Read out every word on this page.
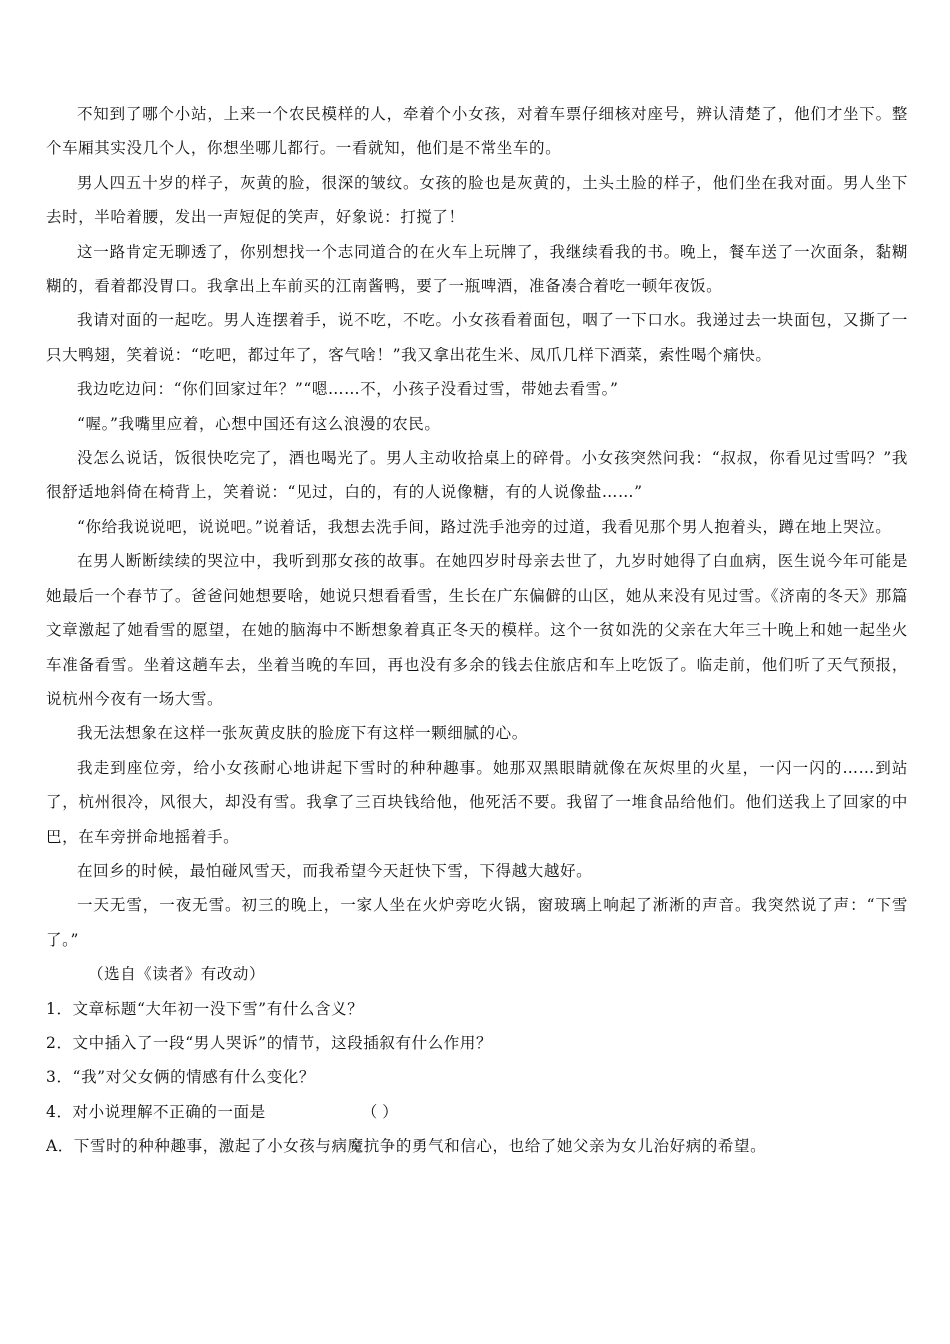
不知到了哪个小站，上来一个农民模样的人，牵着个小女孩，对着车票仔细核对座号，辨认清楚了，他们才坐下。整个车厢其实没几个人，你想坐哪儿都行。一看就知，他们是不常坐车的。

男人四五十岁的样子，灰黄的脸，很深的皱纹。女孩的脸也是灰黄的，土头土脸的样子，他们坐在我对面。男人坐下去时，半哈着腰，发出一声短促的笑声，好象说：打搅了！

这一路肯定无聊透了，你别想找一个志同道合的在火车上玩牌了，我继续看我的书。晚上，餐车送了一次面条，黏糊糊的，看着都没胃口。我拿出上车前买的江南酱鸭，要了一瓶啤酒，准备凑合着吃一顿年夜饭。

我请对面的一起吃。男人连摆着手，说不吃，不吃。小女孩看着面包，咽了一下口水。我递过去一块面包，又撕了一只大鸭翅，笑着说：“吃吧，都过年了，客气啥！”我又拿出花生米、凤爪几样下酒菜，索性喝个痛快。

我边吃边问：“你们回家过年？”“嗯……不，小孩子没看过雪，带她去看雪。”

“喔。”我嘴里应着，心想中国还有这么浪漫的农民。

没怎么说话，饭很快吃完了，酒也喝光了。男人主动收拾桌上的碎骨。小女孩突然问我：“叔叔，你看见过雪吗？”我很舒适地斜倚在椅背上，笑着说：“见过，白的，有的人说像糖，有的人说像盐……”

“你给我说说吧，说说吧。”说着话，我想去洗手间，路过洗手池旁的过道，我看见那个男人抱着头，蹲在地上哭泣。

在男人断断续续的哭泣中，我听到那女孩的故事。在她四岁时母亲去世了，九岁时她得了白血病，医生说今年可能是她最后一个春节了。爸爸问她想要啥，她说只想看看雪，生长在广东偏僻的山区，她从来没有见过雪。《济南的冬天》那篇文章激起了她看雪的愿望，在她的脑海中不断想象着真正冬天的模样。这个一贫如洗的父亲在大年三十晚上和她一起坐火车准备看雪。坐着这趟车去，坐着当晚的车回，再也没有多余的钱去住旅店和车上吃饭了。临走前，他们听了天气预报，说杭州今夜有一场大雪。

我无法想象在这样一张灰黄皮肤的脸庞下有这样一颗细腻的心。

我走到座位旁，给小女孩耐心地讲起下雪时的种种趣事。她那双黑眼睛就像在灰烬里的火星，一闪一闪的……到站了，杭州很冷，风很大，却没有雪。我拿了三百块钱给他，他死活不要。我留了一堆食品给他们。他们送我上了回家的中巴，在车旁拼命地摇着手。

在回乡的时候，最怕碰风雪天，而我希望今天赶快下雪，下得越大越好。

一天无雪，一夜无雪。初三的晚上，一家人坐在火炉旁吃火锅，窗玻璃上响起了淅淅的声音。我突然说了声：“下雪了。”

（选自《读者》有改动）

1．文章标题“大年初一没下雪”有什么含义？

2．文中插入了一段“男人哭诉”的情节，这段插叙有什么作用？

3．“我”对父女俩的情感有什么变化？

4．对小说理解不正确的一面是	（ ）

A．下雪时的种种趣事，激起了小女孩与病魔抗争的勇气和信心，也给了她父亲为女儿治好病的希望。
